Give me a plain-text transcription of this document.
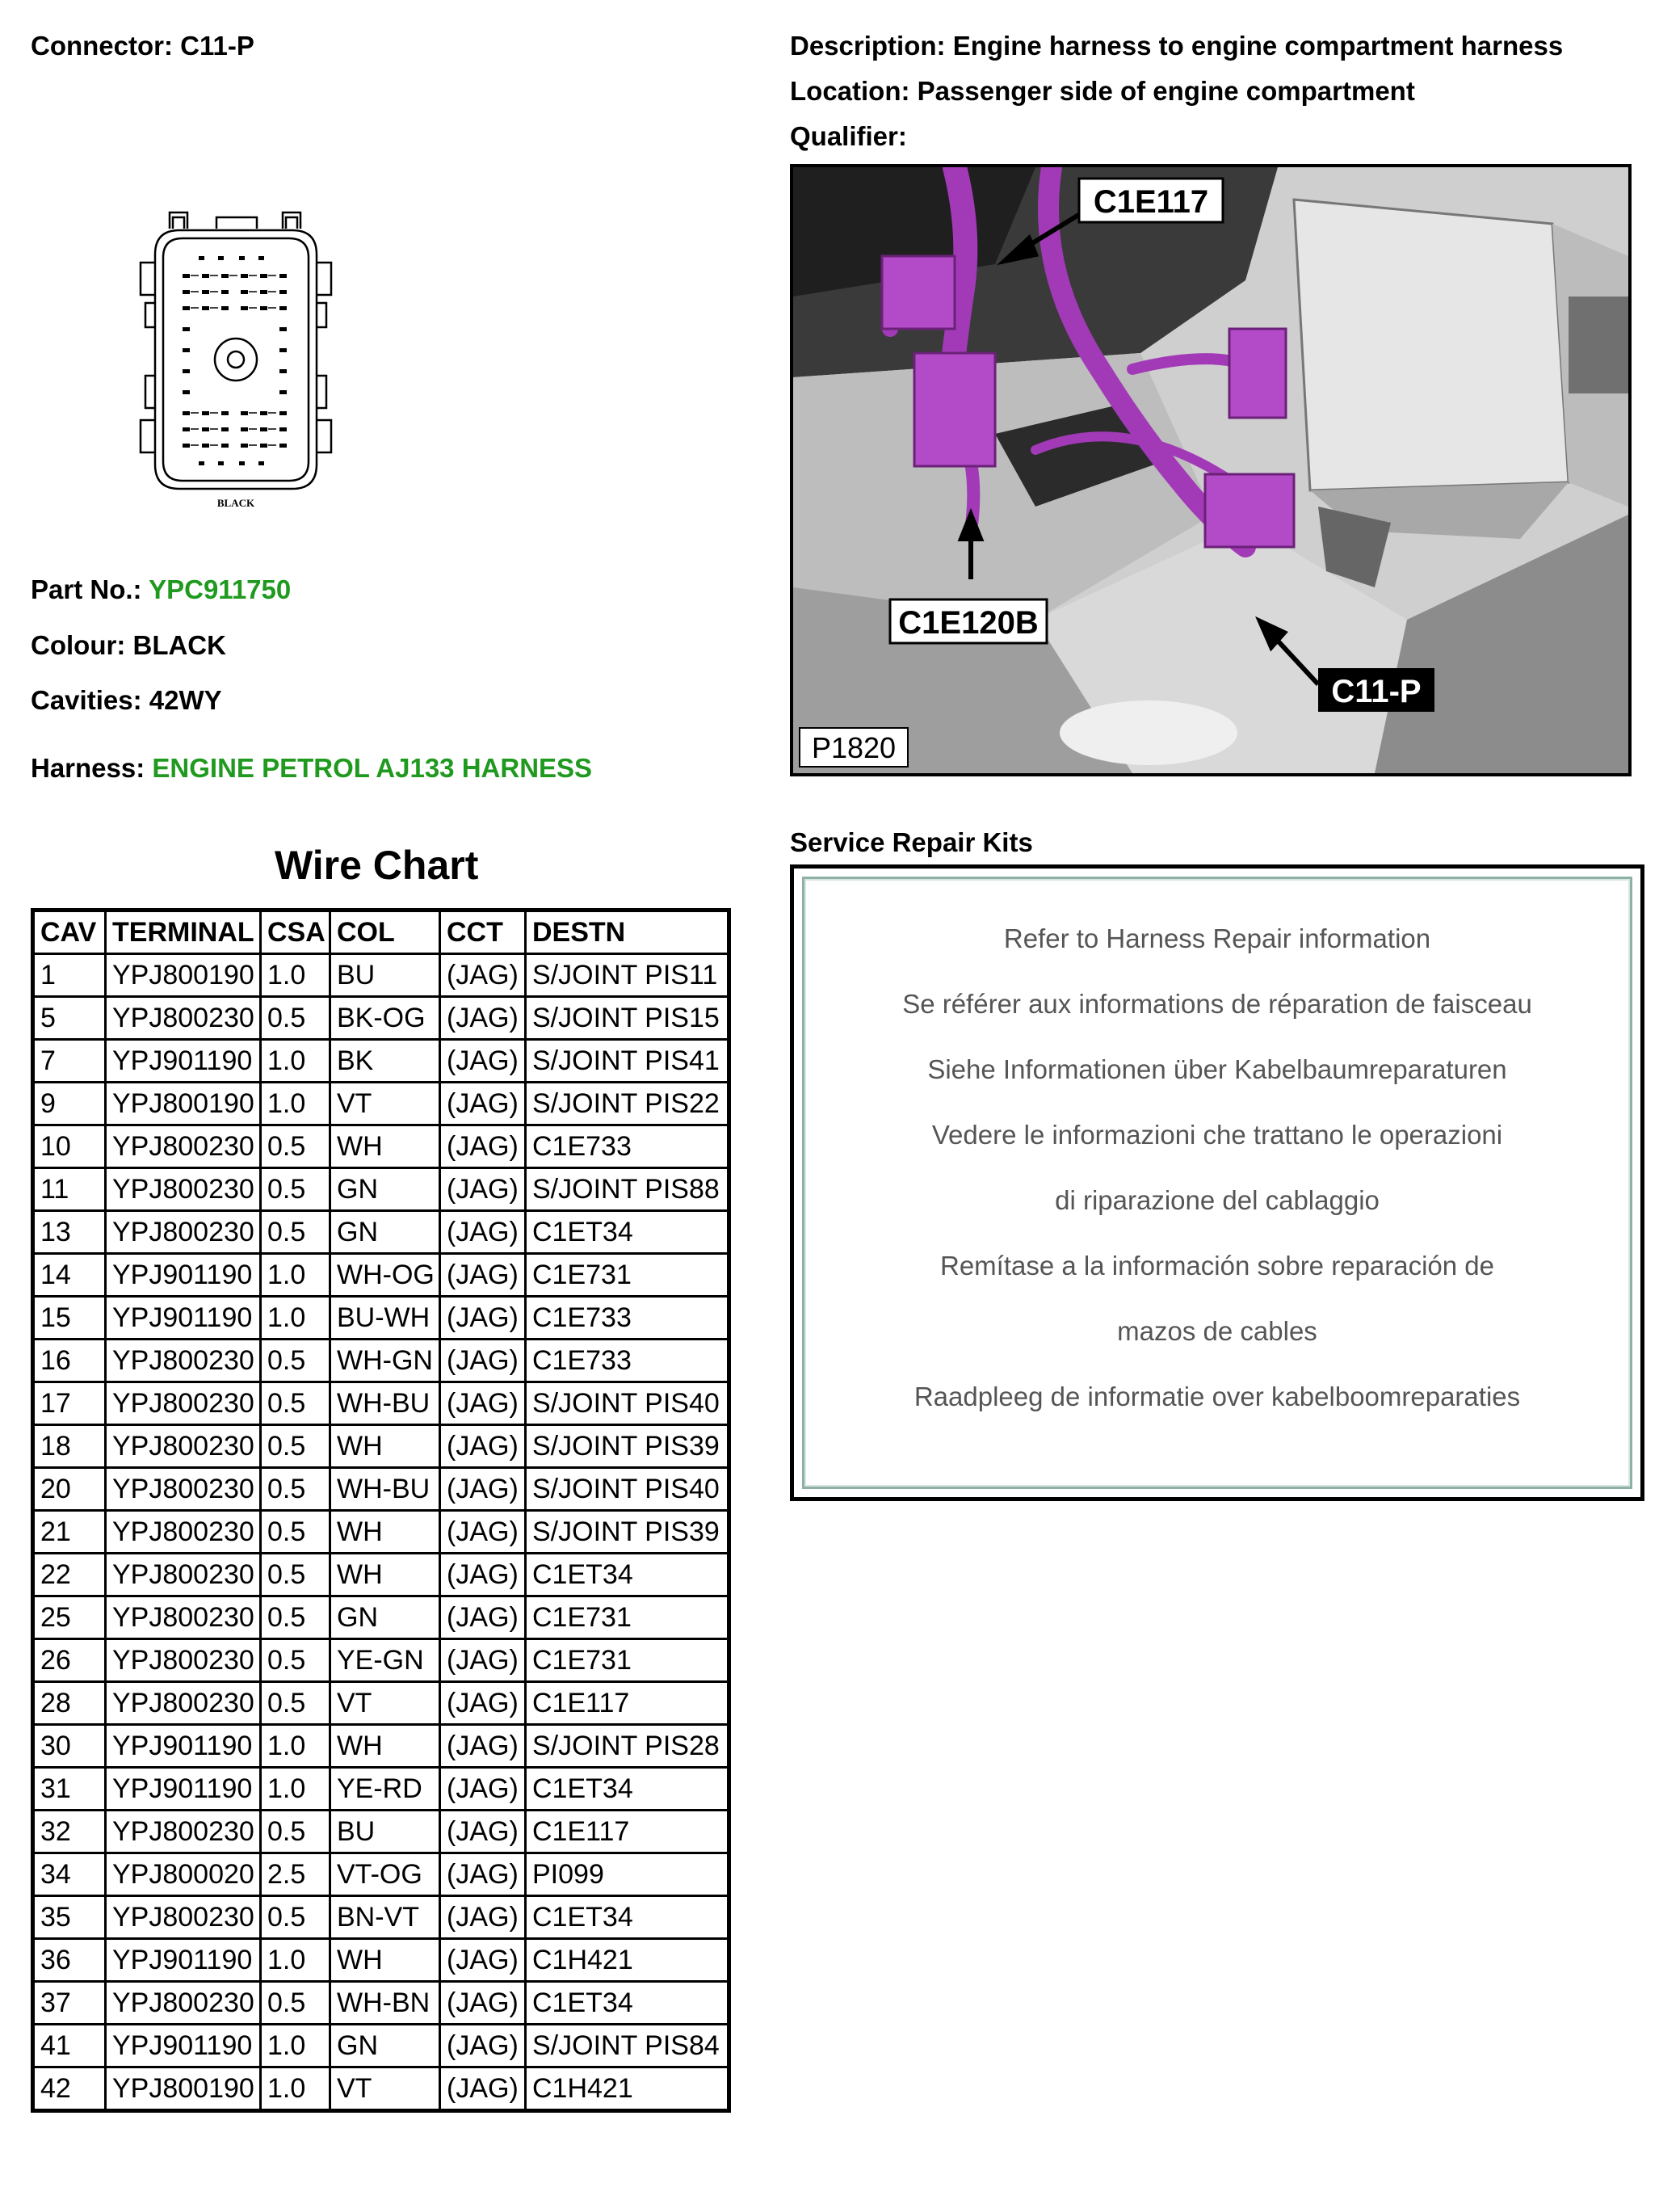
Connector: C11-P	Description: Engine harness to engine compartment harness
Location: Passenger side of engine compartment
Qualifier:
BLACK
Part No.: YPC911750
Colour: BLACK
Cavities: 42WY
Harness: ENGINE PETROL AJ133 HARNESS
C1E117
C1E120B
C11-P
P1820
Wire Chart
CAV	TERMINAL	CSA	COL	CCT	DESTN
1	YPJ800190	1.0	BU	(JAG)	S/JOINT PIS11
5	YPJ800230	0.5	BK-OG	(JAG)	S/JOINT PIS15
7	YPJ901190	1.0	BK	(JAG)	S/JOINT PIS41
9	YPJ800190	1.0	VT	(JAG)	S/JOINT PIS22
10	YPJ800230	0.5	WH	(JAG)	C1E733
11	YPJ800230	0.5	GN	(JAG)	S/JOINT PIS88
13	YPJ800230	0.5	GN	(JAG)	C1ET34
14	YPJ901190	1.0	WH-OG	(JAG)	C1E731
15	YPJ901190	1.0	BU-WH	(JAG)	C1E733
16	YPJ800230	0.5	WH-GN	(JAG)	C1E733
17	YPJ800230	0.5	WH-BU	(JAG)	S/JOINT PIS40
18	YPJ800230	0.5	WH	(JAG)	S/JOINT PIS39
20	YPJ800230	0.5	WH-BU	(JAG)	S/JOINT PIS40
21	YPJ800230	0.5	WH	(JAG)	S/JOINT PIS39
22	YPJ800230	0.5	WH	(JAG)	C1ET34
25	YPJ800230	0.5	GN	(JAG)	C1E731
26	YPJ800230	0.5	YE-GN	(JAG)	C1E731
28	YPJ800230	0.5	VT	(JAG)	C1E117
30	YPJ901190	1.0	WH	(JAG)	S/JOINT PIS28
31	YPJ901190	1.0	YE-RD	(JAG)	C1ET34
32	YPJ800230	0.5	BU	(JAG)	C1E117
34	YPJ800020	2.5	VT-OG	(JAG)	PI099
35	YPJ800230	0.5	BN-VT	(JAG)	C1ET34
36	YPJ901190	1.0	WH	(JAG)	C1H421
37	YPJ800230	0.5	WH-BN	(JAG)	C1ET34
41	YPJ901190	1.0	GN	(JAG)	S/JOINT PIS84
42	YPJ800190	1.0	VT	(JAG)	C1H421
Service Repair Kits
Refer to Harness Repair information
Se référer aux informations de réparation de faisceau
Siehe Informationen über Kabelbaumreparaturen
Vedere le informazioni che trattano le operazioni
di riparazione del cablaggio
Remítase a la información sobre reparación de
mazos de cables
Raadpleeg de informatie over kabelboomreparaties
